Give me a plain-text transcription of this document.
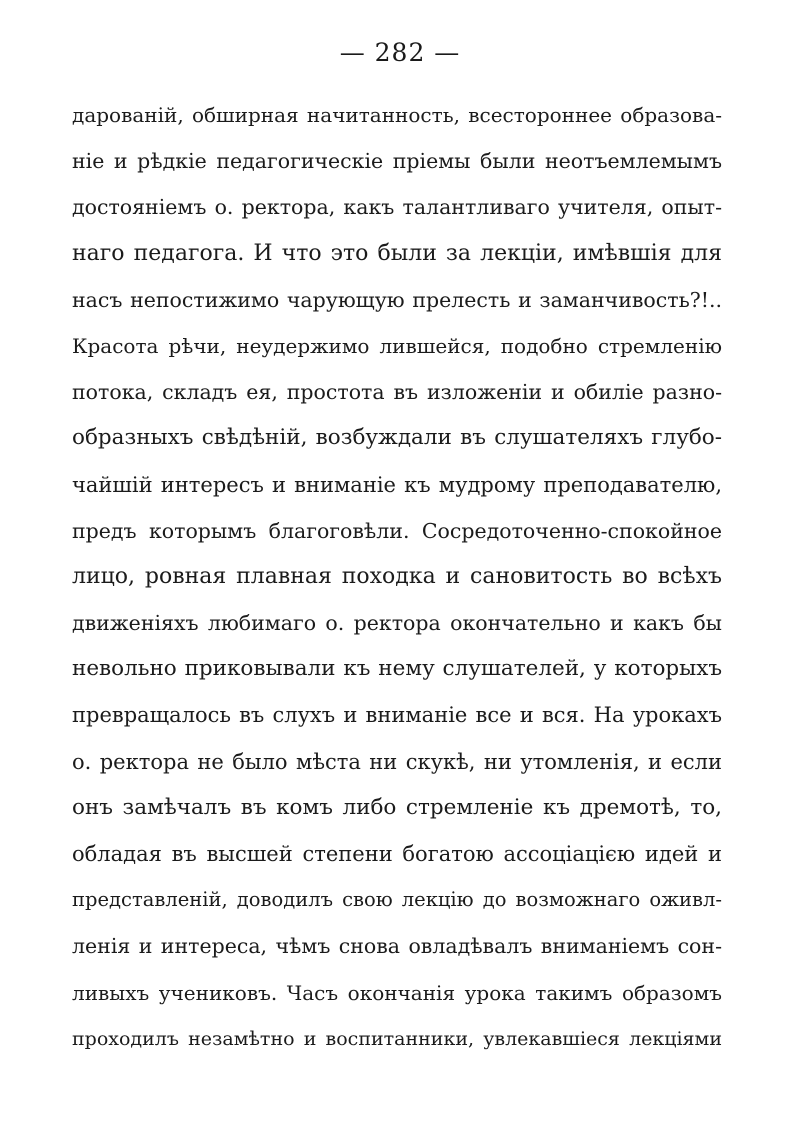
— 282 —
дарованій, обширная начитанность, всестороннее образова-
ніе и рѣдкіе педагогическіе пріемы были неотъемлемымъ
достояніемъ о. ректора, какъ талантливаго учителя, опыт-
наго педагога. И что это были за лекціи, имѣвшія для
насъ непостижимо чарующую прелесть и заманчивость?!..
Красота рѣчи, неудержимо лившейся, подобно стремленію
потока, складъ ея, простота въ изложеніи и обиліе разно-
образныхъ свѣдѣній, возбуждали въ слушателяхъ глубо-
чайшій интересъ и вниманіе къ мудрому преподавателю,
предъ которымъ благоговѣли. Сосредоточенно-спокойное
лицо, ровная плавная походка и сановитость во всѣхъ
движеніяхъ любимаго о. ректора окончательно и какъ бы
невольно приковывали къ нему слушателей, у которыхъ
превращалось въ слухъ и вниманіе все и вся. На урокахъ
о. ректора не было мѣста ни скукѣ, ни утомленія, и если
онъ замѣчалъ въ комъ либо стремленіе къ дремотѣ, то,
обладая въ высшей степени богатою ассоціацією идей и
представленій, доводилъ свою лекцію до возможнаго оживл-
ленія и интереса, чѣмъ снова овладѣвалъ вниманіемъ сон-
ливыхъ учениковъ. Часъ окончанія урока такимъ образомъ
проходилъ незамѣтно и воспитанники, увлекавшіеся лекціями
